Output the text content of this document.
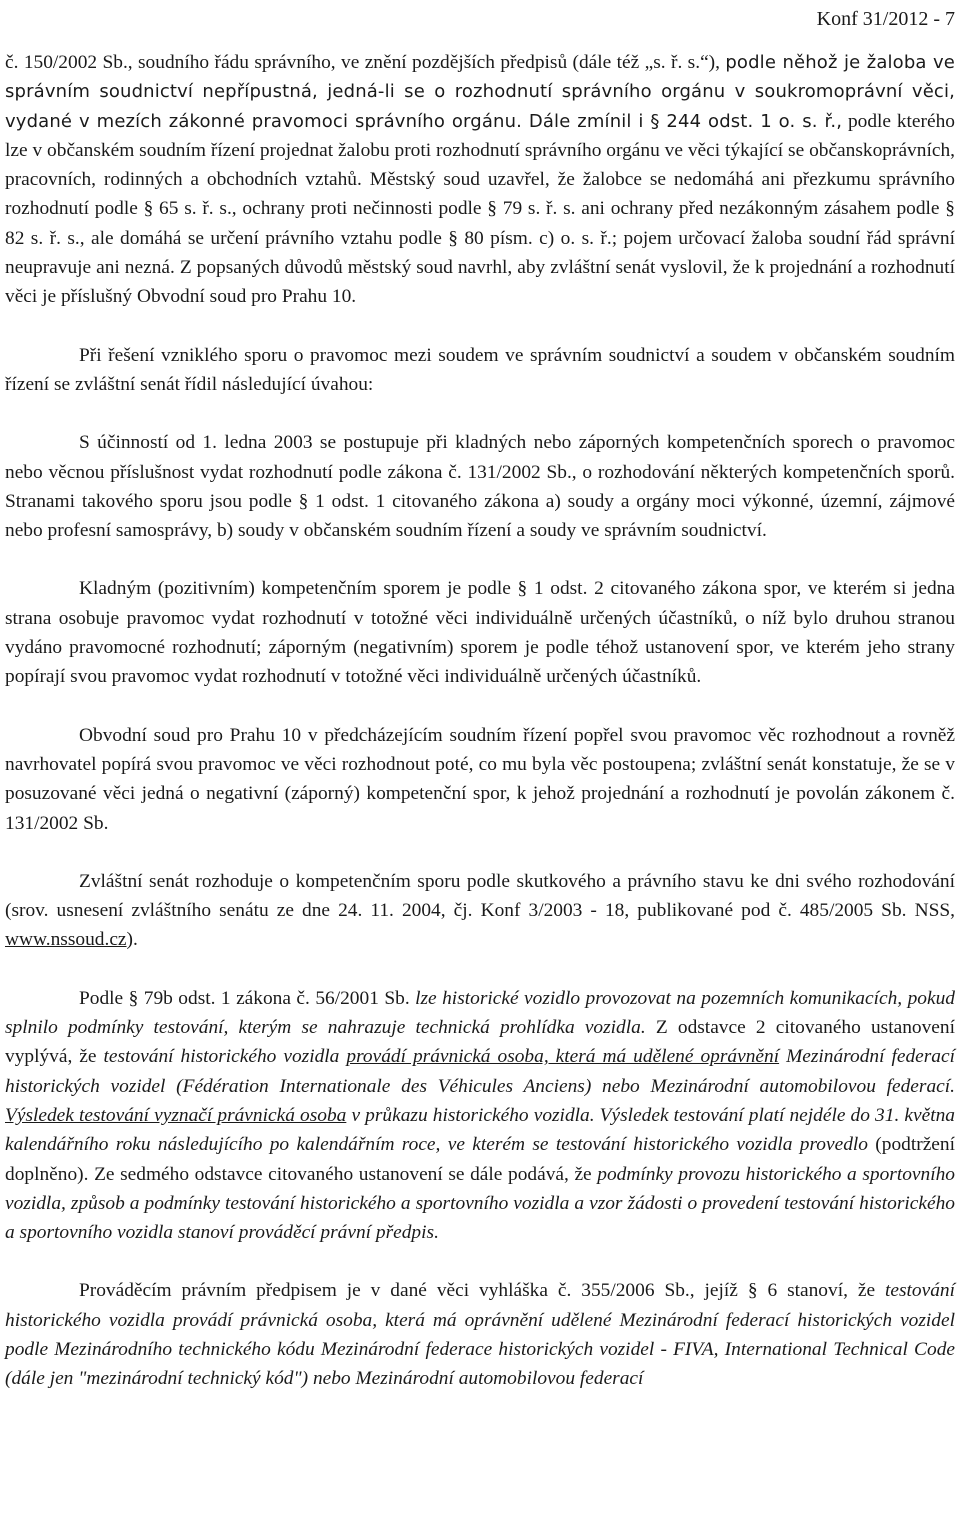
Konf 31/2012 - 7

č. 150/2002 Sb., soudního řádu správního, ve znění pozdějších předpisů (dále též „s. ř. s.“), podle něhož je žaloba ve správním soudnictví nepřípustná, jedná-li se o rozhodnutí správního orgánu v soukromoprávní věci, vydané v mezích zákonné pravomoci správního orgánu. Dále zmínil i § 244 odst. 1 o. s. ř., podle kterého lze v občanském soudním řízení projednat žalobu proti rozhodnutí správního orgánu ve věci týkající se občanskoprávních, pracovních, rodinných a obchodních vztahů. Městský soud uzavřel, že žalobce se nedomáhá ani přezkumu správního rozhodnutí podle § 65 s. ř. s., ochrany proti nečinnosti podle § 79 s. ř. s. ani ochrany před nezákonným zásahem podle § 82 s. ř. s., ale domáhá se určení právního vztahu podle § 80 písm. c) o. s. ř.; pojem určovací žaloba soudní řád správní neupravuje ani nezná. Z popsaných důvodů městský soud navrhl, aby zvláštní senát vyslovil, že k projednání a rozhodnutí věci je příslušný Obvodní soud pro Prahu 10.

Při řešení vzniklého sporu o pravomoc mezi soudem ve správním soudnictví a soudem v občanském soudním řízení se zvláštní senát řídil následující úvahou:

S účinností od 1. ledna 2003 se postupuje při kladných nebo záporných kompetenčních sporech o pravomoc nebo věcnou příslušnost vydat rozhodnutí podle zákona č. 131/2002 Sb., o rozhodování některých kompetenčních sporů. Stranami takového sporu jsou podle § 1 odst. 1 citovaného zákona a) soudy a orgány moci výkonné, územní, zájmové nebo profesní samosprávy, b) soudy v občanském soudním řízení a soudy ve správním soudnictví.

Kladným (pozitivním) kompetenčním sporem je podle § 1 odst. 2 citovaného zákona spor, ve kterém si jedna strana osobuje pravomoc vydat rozhodnutí v totožné věci individuálně určených účastníků, o níž bylo druhou stranou vydáno pravomocné rozhodnutí; záporným (negativním) sporem je podle téhož ustanovení spor, ve kterém jeho strany popírají svou pravomoc vydat rozhodnutí v totožné věci individuálně určených účastníků.

Obvodní soud pro Prahu 10 v předcházejícím soudním řízení popřel svou pravomoc věc rozhodnout a rovněž navrhovatel popírá svou pravomoc ve věci rozhodnout poté, co mu byla věc postoupena; zvláštní senát konstatuje, že se v posuzované věci jedná o negativní (záporný) kompetenční spor, k jehož projednání a rozhodnutí je povolán zákonem č. 131/2002 Sb.

Zvláštní senát rozhoduje o kompetenčním sporu podle skutkového a právního stavu ke dni svého rozhodování (srov. usnesení zvláštního senátu ze dne 24. 11. 2004, čj. Konf 3/2003 - 18, publikované pod č. 485/2005 Sb. NSS, www.nssoud.cz).

Podle § 79b odst. 1 zákona č. 56/2001 Sb. lze historické vozidlo provozovat na pozemních komunikacích, pokud splnilo podmínky testování, kterým se nahrazuje technická prohlídka vozidla. Z odstavce 2 citovaného ustanovení vyplývá, že testování historického vozidla provádí právnická osoba, která má udělené oprávnění Mezinárodní federací historických vozidel (Fédération Internationale des Véhicules Anciens) nebo Mezinárodní automobilovou federací. Výsledek testování vyznačí právnická osoba v průkazu historického vozidla. Výsledek testování platí nejdéle do 31. května kalendářního roku následujícího po kalendářním roce, ve kterém se testování historického vozidla provedlo (podtržení doplněno). Ze sedmého odstavce citovaného ustanovení se dále podává, že podmínky provozu historického a sportovního vozidla, způsob a podmínky testování historického a sportovního vozidla a vzor žádosti o provedení testování historického a sportovního vozidla stanoví prováděcí právní předpis.

Prováděcím právním předpisem je v dané věci vyhláška č. 355/2006 Sb., jejíž § 6 stanoví, že testování historického vozidla provádí právnická osoba, která má oprávnění udělené Mezinárodní federací historických vozidel podle Mezinárodního technického kódu Mezinárodní federace historických vozidel - FIVA, International Technical Code (dále jen "mezinárodní technický kód") nebo Mezinárodní automobilovou federací
